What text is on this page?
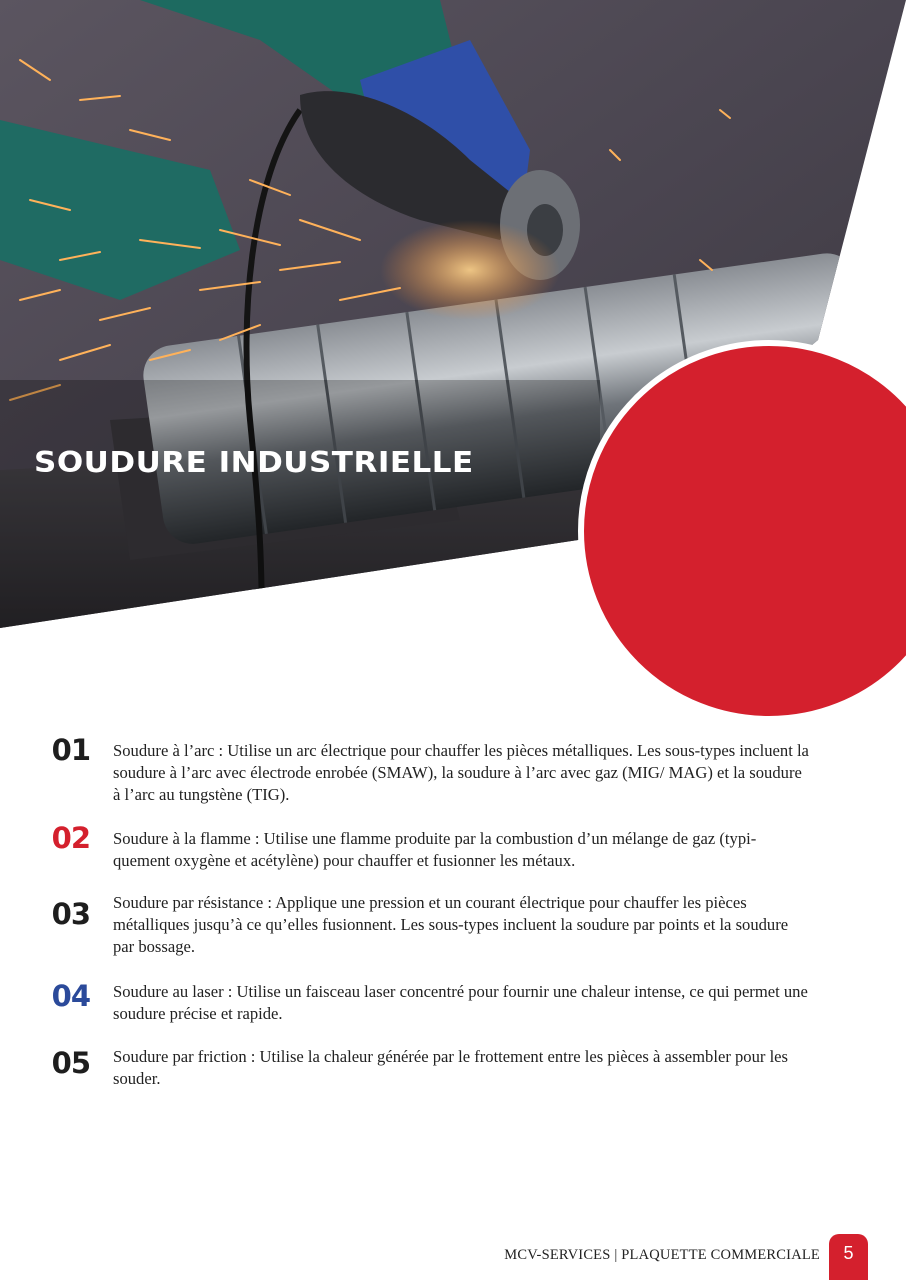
SOUDURE INDUSTRIELLE
01 Soudure à l’arc : Utilise un arc électrique pour chauffer les pièces métalliques. Les sous-types incluent la soudure à l’arc avec électrode enrobée (SMAW), la soudure à l’arc avec gaz (MIG/ MAG) et la soudure à l’arc au tungstène (TIG).
02 Soudure à la flamme : Utilise une flamme produite par la combustion d’un mélange de gaz (typi- quement oxygène et acétylène) pour chauffer et fusionner les métaux.
03 Soudure par résistance : Applique une pression et un courant électrique pour chauffer les pièces métalliques jusqu’à ce qu’elles fusionnent. Les sous-types incluent la soudure par points et la soudure par bossage.
04 Soudure au laser : Utilise un faisceau laser concentré pour fournir une chaleur intense, ce qui permet une soudure précise et rapide.
05 Soudure par friction : Utilise la chaleur générée par le frottement entre les pièces à assembler pour les souder.
MCV-SERVICES | PLAQUETTE COMMERCIALE	5
